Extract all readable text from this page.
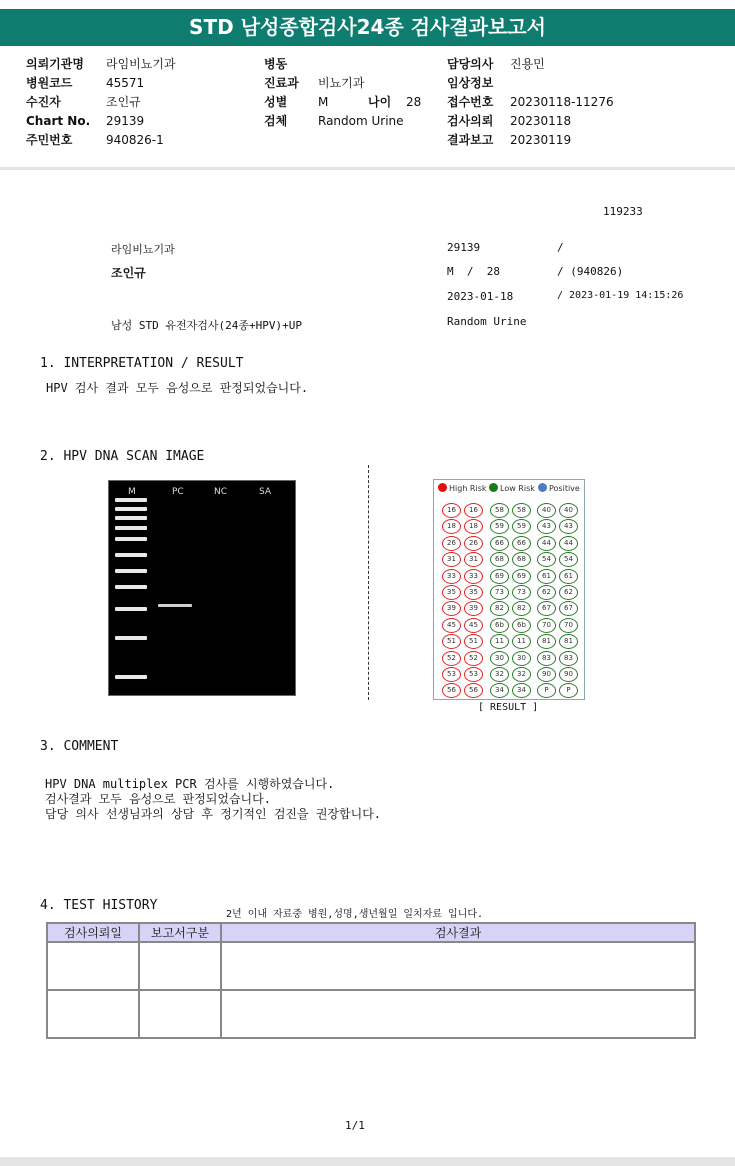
STD 남성종합검사24종 검사결과보고서
의뢰기관명 라임비뇨기과
병원코드	45571
수진자	조인규
Chart No. 29139
주민번호	940826-1
병동
진료과 비뇨기과
성별	M	나이 28
검체	Random Urine
담당의사 진용민
임상정보
접수번호 20230118-11276
검사의뢰 20230118
결과보고 20230119
119233
라임비뇨기과	29139	/
조인규	M  /  28	/ (940826)
2023-01-18	/ 2023-01-19 14:15:26
남성 STD 유전자검사(24종+HPV)+UP	Random Urine
1. INTERPRETATION / RESULT
HPV 검사 결과 모두 음성으로 판정되었습니다.
2. HPV DNA SCAN IMAGE
M	PC	NC	SA	High Risk	Low Risk	Positive
16	16	58	58	40	40
18	18	59	59	43	43
26	26	66	66	44	44
31	31	68	68	54	54
33	33	69	69	61	61
35	35	73	73	62	62
39	39	82	82	67	67
45	45	6b	6b	70	70
51	51	11	11	81	81
52	52	30	30	83	83
53	53	32	32	90	90
56	56	34	34	P	P
[ RESULT ]
3. COMMENT
HPV DNA multiplex PCR 검사를 시행하였습니다.
검사결과 모두 음성으로 판정되었습니다.
담당 의사 선생님과의 상담 후 정기적인 검진을 권장합니다.
4. TEST HISTORY
2년 이내 자료중 병원,성명,생년월일 일치자료 입니다.
검사의뢰일	보고서구분	검사결과

1/1
